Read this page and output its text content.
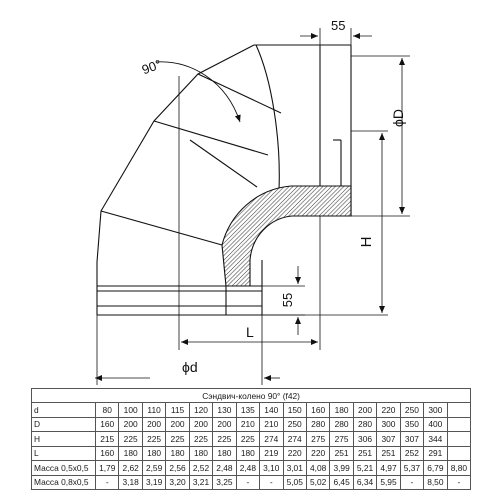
90°
55
ϕD
H
55
L
ϕd
Сэндвич-колено 90° (f42)																
d	80	100	110	115	120	130	135	140	150	160	180	200	220	250	300	
D	160	200	200	200	200	200	210	210	250	280	280	280	300	350	400	
H	215	225	225	225	225	225	225	274	274	275	275	306	307	307	344	
L	160	180	180	180	180	180	180	219	220	220	251	251	251	252	291	
Масса 0,5х0,5	1,79	2,62	2,59	2,56	2,52	2,48	2,48	3,10	3,01	4,08	3,99	5,21	4,97	5,37	6,79	8,80
Масса 0,8х0,5	-	3,18	3,19	3,20	3,21	3,25	-	-	5,05	5,02	6,45	6,34	5,95	-	8,50	-
